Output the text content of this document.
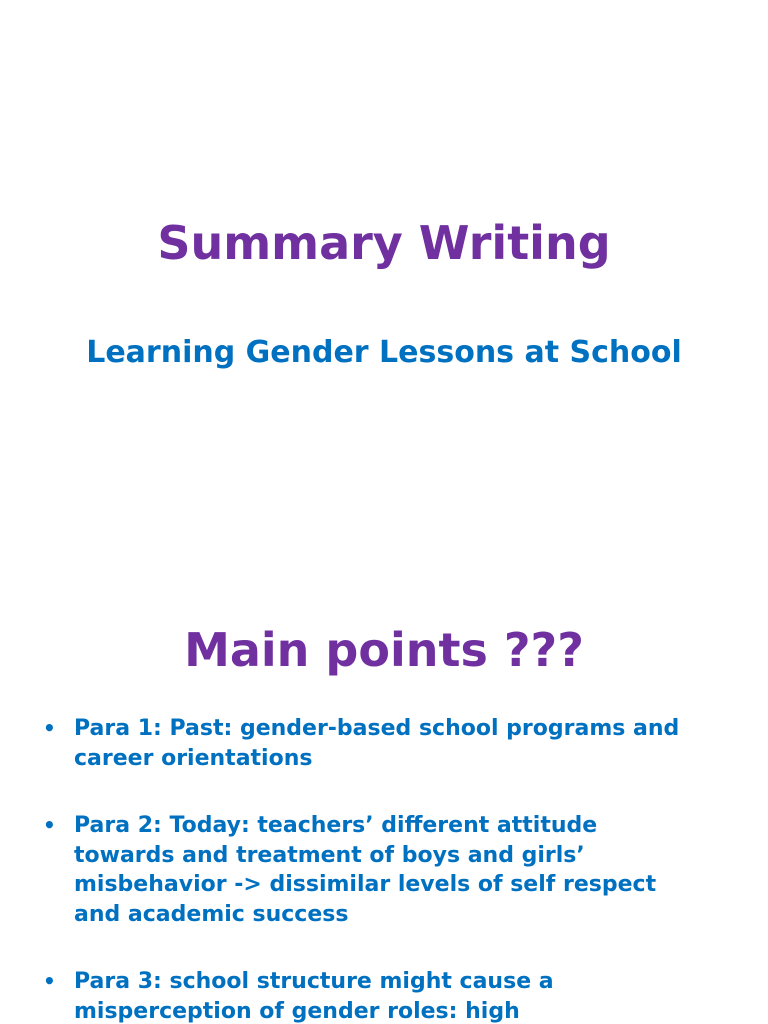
Summary Writing
Learning Gender Lessons at School
Main points ???
• Para 1: Past: gender-based school programs and career orientations
• Para 2: Today: teachers’ different attitude towards and treatment of boys and girls’ misbehavior -> dissimilar levels of self respect and academic success
• Para 3: school structure might cause a misperception of gender roles: high
